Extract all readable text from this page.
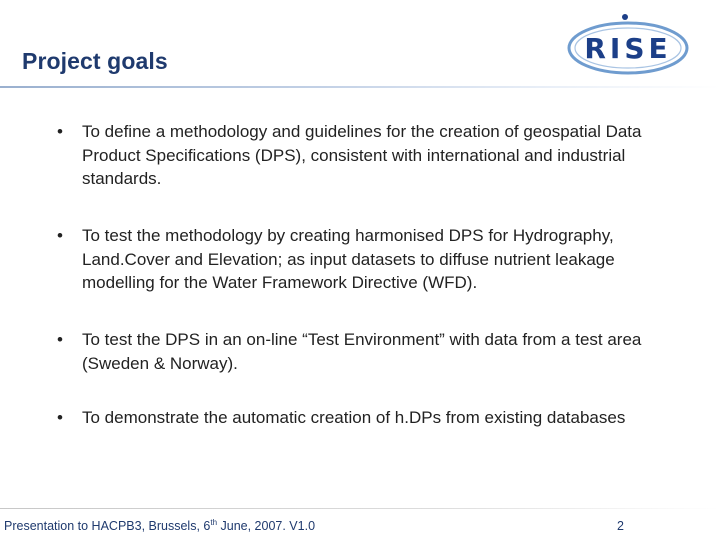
Project goals	RISE
• To define a methodology and guidelines for the creation of geospatial Data Product Specifications (DPS), consistent with international and industrial standards.
• To test the methodology by creating harmonised DPS for Hydrography, Land.Cover and Elevation; as input datasets to diffuse nutrient leakage modelling for the Water Framework Directive (WFD).
• To test the DPS in an on-line “Test Environment” with data from a test area (Sweden & Norway).
• To demonstrate the automatic creation of h.DPs from existing databases
Presentation to HACPB3, Brussels, 6th June, 2007. V1.0	2
